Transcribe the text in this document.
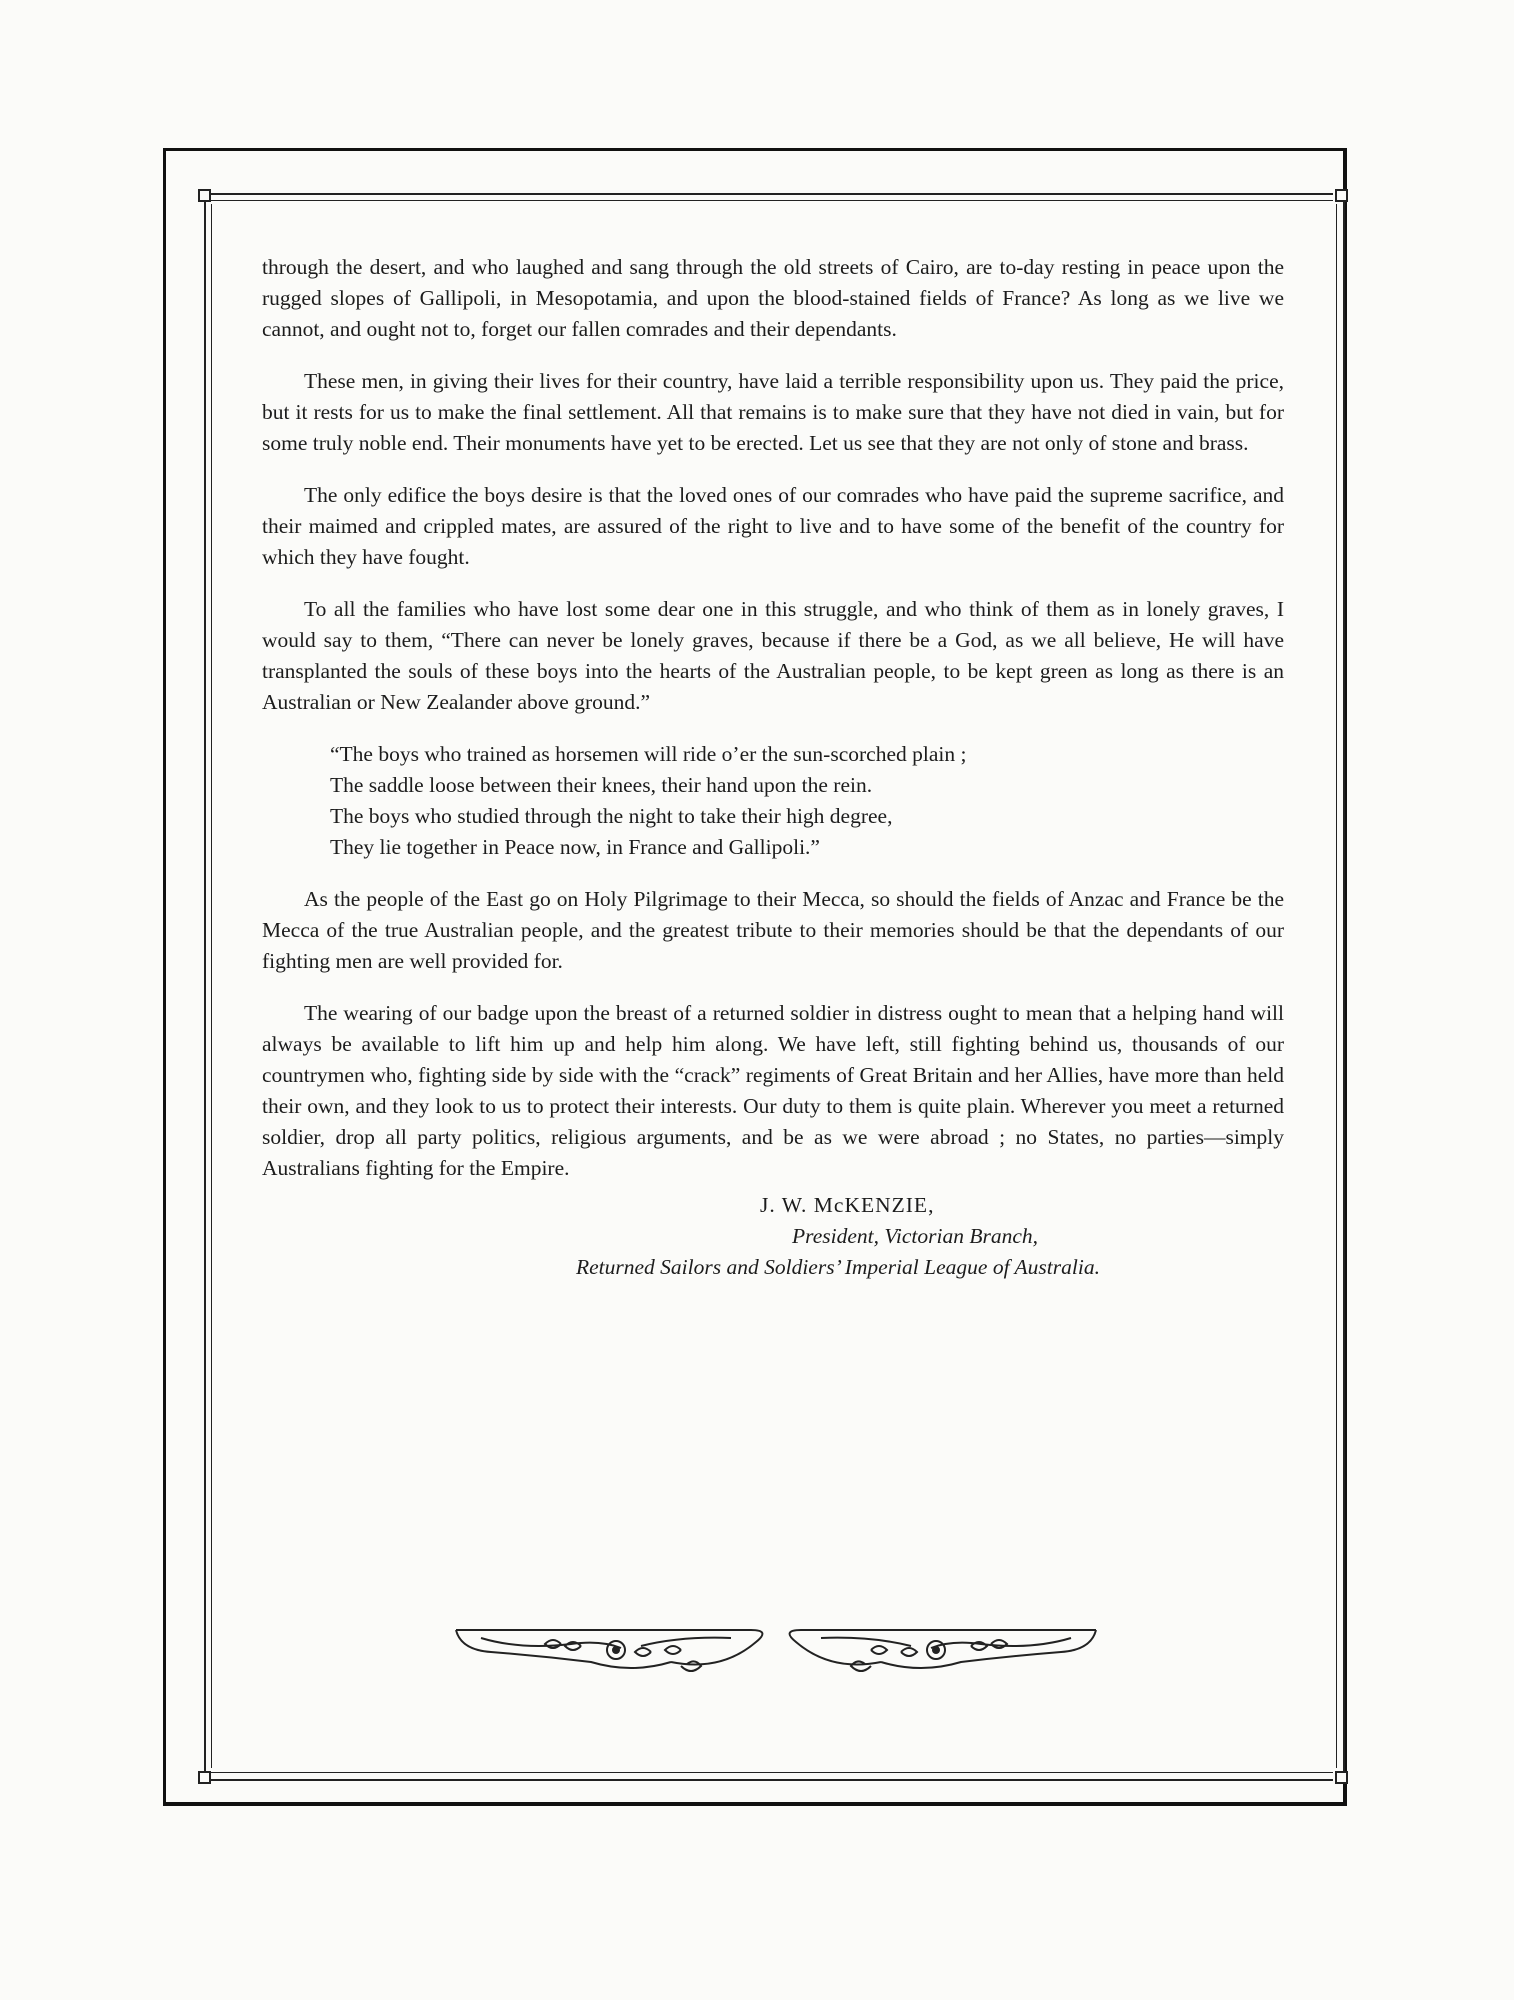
through the desert, and who laughed and sang through the old streets of Cairo, are to-day resting in peace upon the rugged slopes of Gallipoli, in Mesopotamia, and upon the blood-stained fields of France? As long as we live we cannot, and ought not to, forget our fallen comrades and their dependants.

These men, in giving their lives for their country, have laid a terrible responsibility upon us. They paid the price, but it rests for us to make the final settlement. All that remains is to make sure that they have not died in vain, but for some truly noble end. Their monuments have yet to be erected. Let us see that they are not only of stone and brass.

The only edifice the boys desire is that the loved ones of our comrades who have paid the supreme sacrifice, and their maimed and crippled mates, are assured of the right to live and to have some of the benefit of the country for which they have fought.

To all the families who have lost some dear one in this struggle, and who think of them as in lonely graves, I would say to them, “There can never be lonely graves, because if there be a God, as we all believe, He will have transplanted the souls of these boys into the hearts of the Australian people, to be kept green as long as there is an Australian or New Zealander above ground.”

“The boys who trained as horsemen will ride o’er the sun-scorched plain ;
The saddle loose between their knees, their hand upon the rein.
The boys who studied through the night to take their high degree,
They lie together in Peace now, in France and Gallipoli.”

As the people of the East go on Holy Pilgrimage to their Mecca, so should the fields of Anzac and France be the Mecca of the true Australian people, and the greatest tribute to their memories should be that the dependants of our fighting men are well provided for.

The wearing of our badge upon the breast of a returned soldier in distress ought to mean that a helping hand will always be available to lift him up and help him along. We have left, still fighting behind us, thousands of our countrymen who, fighting side by side with the “crack” regiments of Great Britain and her Allies, have more than held their own, and they look to us to protect their interests. Our duty to them is quite plain. Wherever you meet a returned soldier, drop all party politics, religious arguments, and be as we were abroad ; no States, no parties—simply Australians fighting for the Empire.

J. W. McKENZIE,
President, Victorian Branch,
Returned Sailors and Soldiers’ Imperial League of Australia.
